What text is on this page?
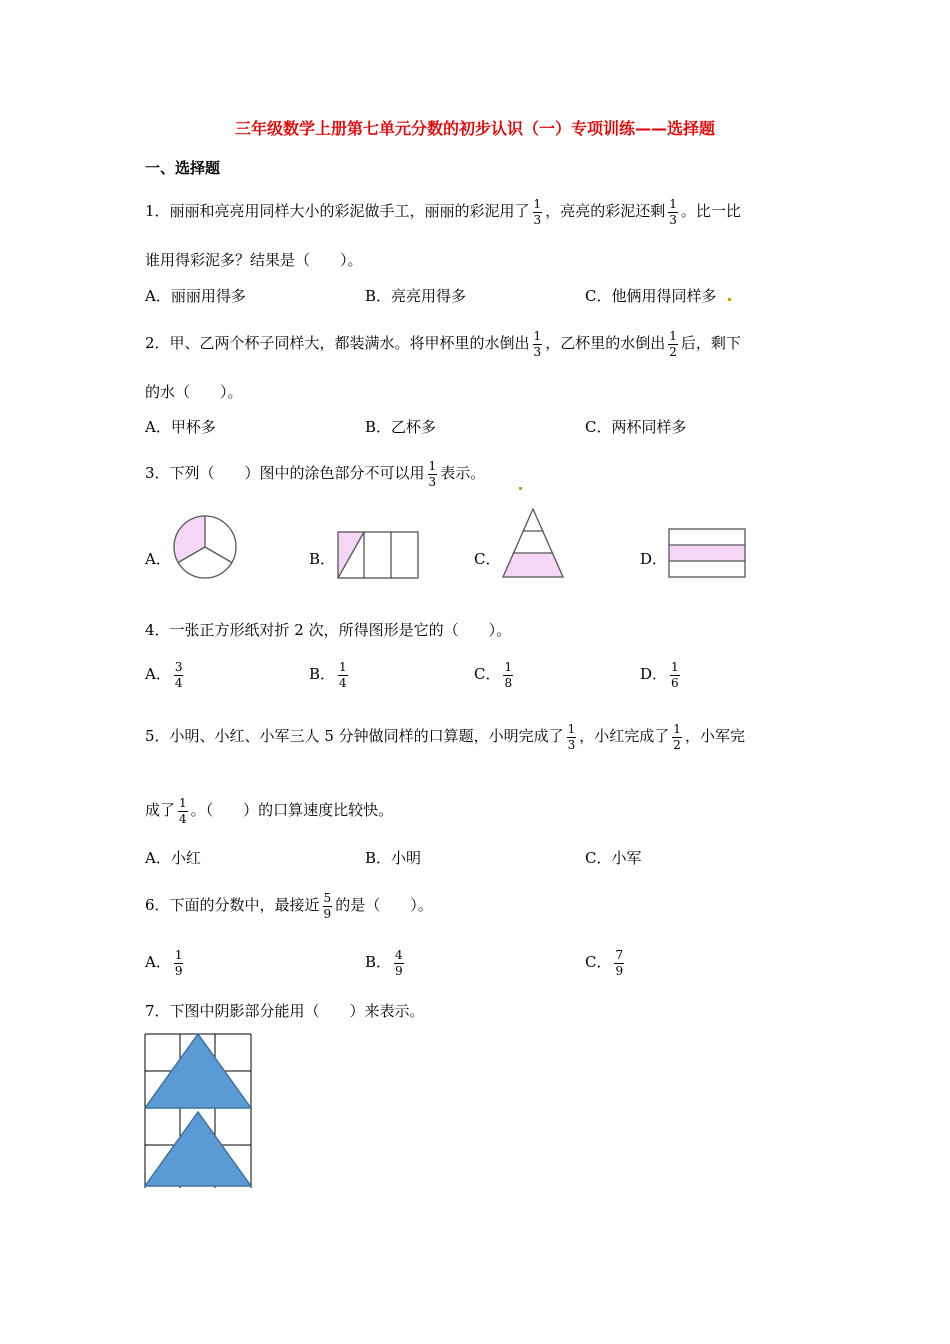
三年级数学上册第七单元分数的初步认识（一）专项训练——选择题
一、选择题
1．丽丽和亮亮用同样大小的彩泥做手工，丽丽的彩泥用了 $\frac{1}{3}$ ，亮亮的彩泥还剩 $\frac{1}{3}$ 。比一比
谁用得彩泥多？结果是（　　）。
A．丽丽用得多	B．亮亮用得多	C．他俩用得同样多
2．甲、乙两个杯子同样大，都装满水。将甲杯里的水倒出 $\frac{1}{3}$ ，乙杯里的水倒出 $\frac{1}{2}$ 后，剩下
的水（　　）。
A．甲杯多	B．乙杯多	C．两杯同样多
3．下列（　　）图中的涂色部分不可以用 $\frac{1}{3}$ 表示。
A．	B．	C．	D．
4．一张正方形纸对折 2 次，所得图形是它的（　　）。
A． $\frac{3}{4}$	B． $\frac{1}{4}$	C． $\frac{1}{8}$	D． $\frac{1}{6}$
5．小明、小红、小军三人 5 分钟做同样的口算题，小明完成了 $\frac{1}{3}$ ，小红完成了 $\frac{1}{2}$ ，小军完
成了 $\frac{1}{4}$ 。（　　）的口算速度比较快。
A．小红	B．小明	C．小军
6．下面的分数中，最接近 $\frac{5}{9}$ 的是（　　）。
A． $\frac{1}{9}$	B． $\frac{4}{9}$	C． $\frac{7}{9}$
7．下图中阴影部分能用（　　）来表示。
